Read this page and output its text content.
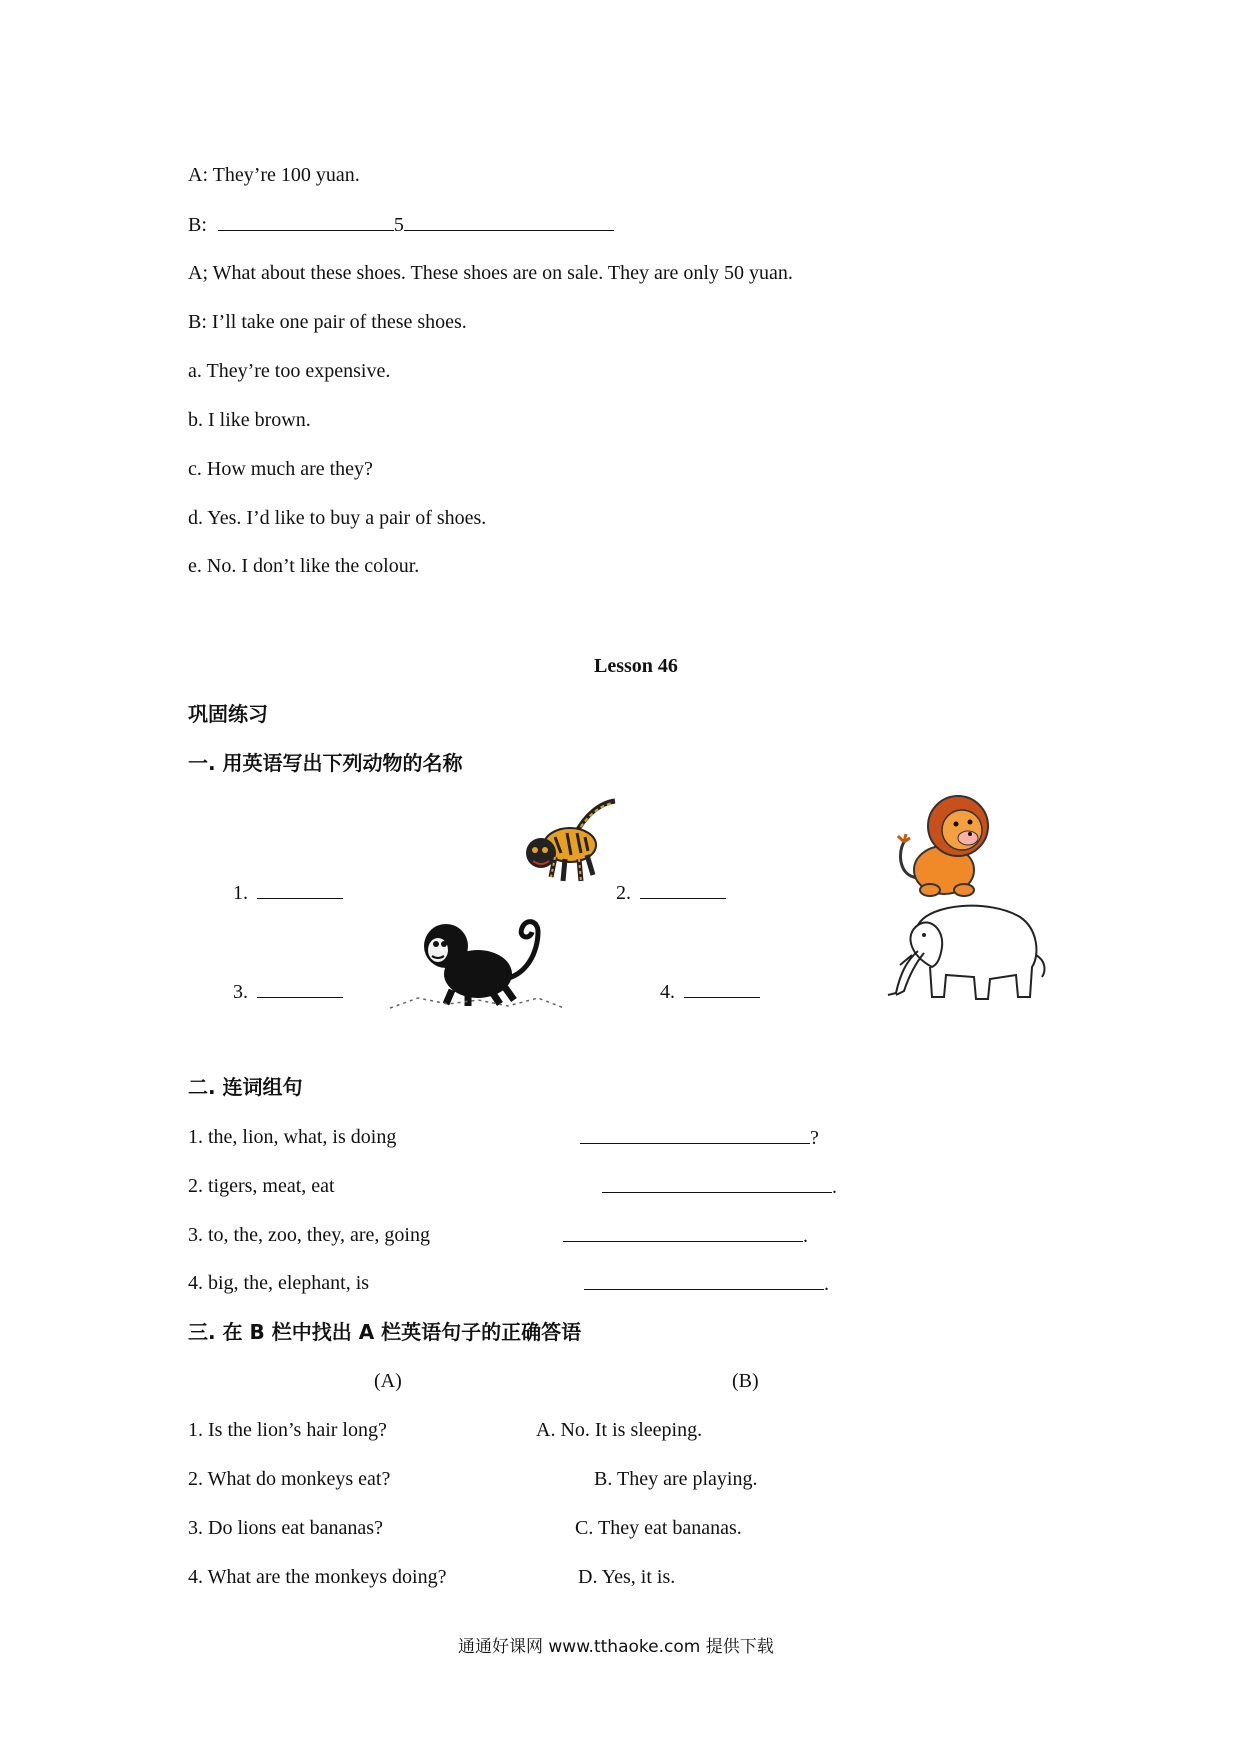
A: They’re 100 yuan.
B:	5
A; What about these shoes. These shoes are on sale. They are only 50 yuan.
B: I’ll take one pair of these shoes.
a. They’re too expensive.
b. I like brown.
c. How much are they?
d. Yes. I’d like to buy a pair of shoes.
e. No. I don’t like the colour.
Lesson 46
巩固练习
一. 用英语写出下列动物的名称
1.	2.
3.	4.
二. 连词组句
1. the, lion, what, is doing	?
2. tigers, meat, eat	.
3. to, the, zoo, they, are, going	.
4. big, the, elephant, is	.
三. 在 B 栏中找出 A 栏英语句子的正确答语
(A)	(B)
1. Is the lion’s hair long?	A. No. It is sleeping.
2. What do monkeys eat?	B. They are playing.
3. Do lions eat bananas?	C. They eat bananas.
4. What are the monkeys doing?	D. Yes, it is.
通通好课网 www.tthaoke.com 提供下载
